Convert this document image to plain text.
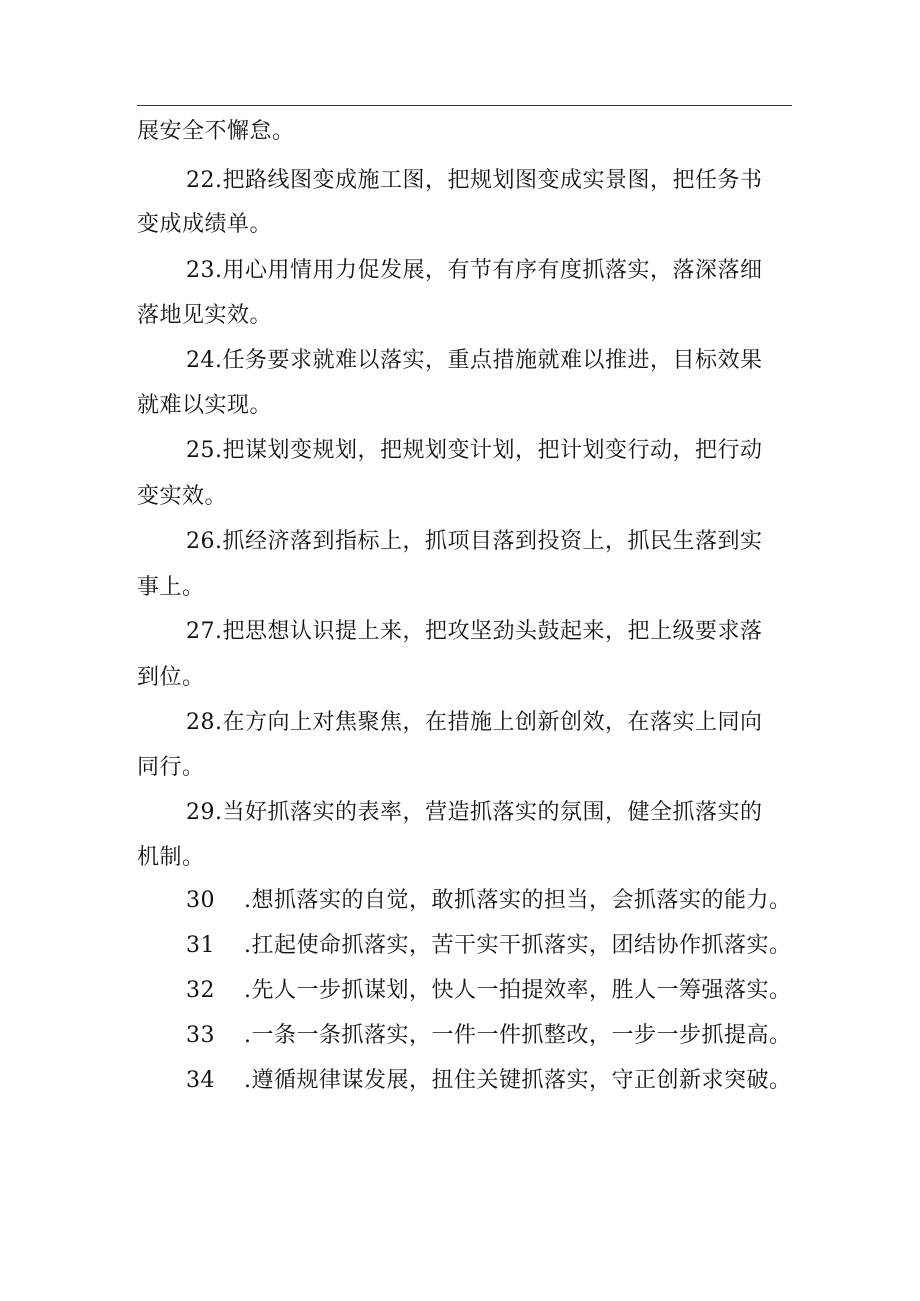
展安全不懈怠。
22.把路线图变成施工图，把规划图变成实景图，把任务书
变成成绩单。
23.用心用情用力促发展，有节有序有度抓落实，落深落细
落地见实效。
24.任务要求就难以落实，重点措施就难以推进，目标效果
就难以实现。
25.把谋划变规划，把规划变计划，把计划变行动，把行动
变实效。
26.抓经济落到指标上，抓项目落到投资上，抓民生落到实
事上。
27.把思想认识提上来，把攻坚劲头鼓起来，把上级要求落
到位。
28.在方向上对焦聚焦，在措施上创新创效，在落实上同向
同行。
29.当好抓落实的表率，营造抓落实的氛围，健全抓落实的
机制。
30 .想抓落实的自觉，敢抓落实的担当，会抓落实的能力。
31 .扛起使命抓落实，苦干实干抓落实，团结协作抓落实。
32 .先人一步抓谋划，快人一拍提效率，胜人一筹强落实。
33 .一条一条抓落实，一件一件抓整改，一步一步抓提高。
34 .遵循规律谋发展，扭住关键抓落实，守正创新求突破。
